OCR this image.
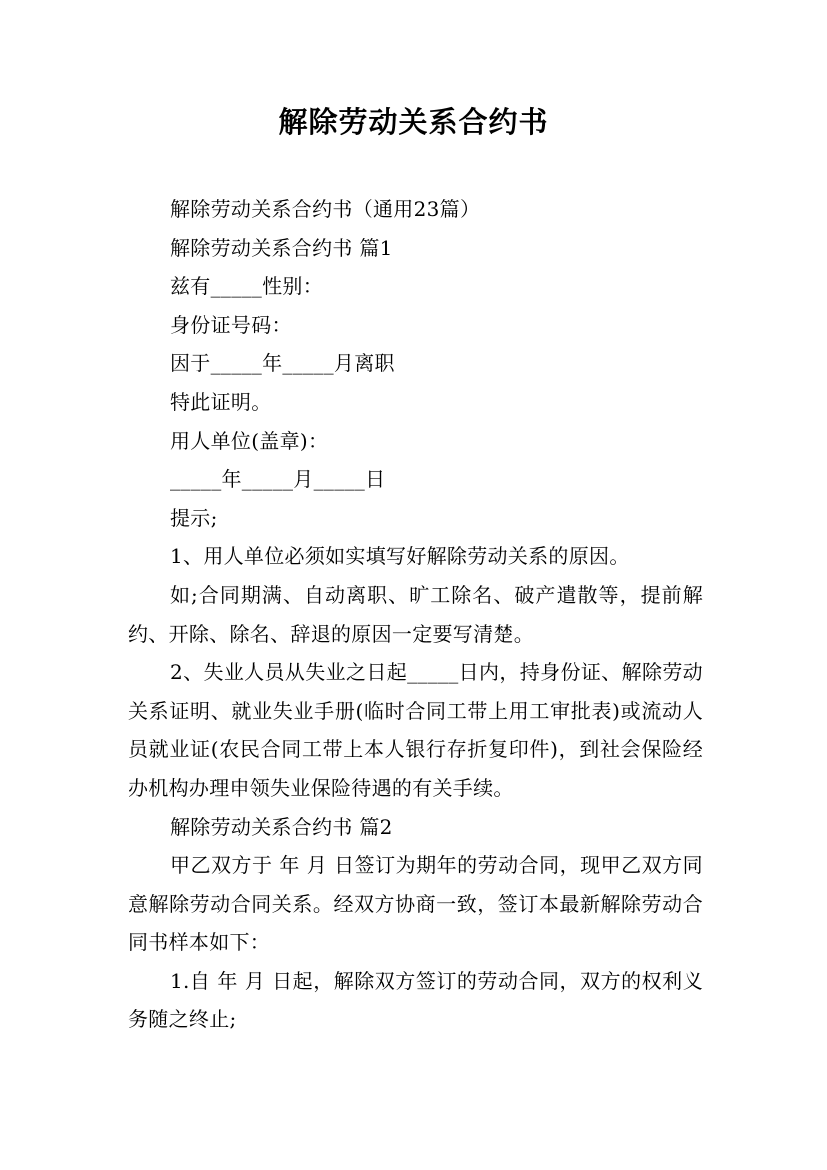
解除劳动关系合约书

解除劳动关系合约书（通用23篇）

解除劳动关系合约书 篇1

兹有_____性别：

身份证号码：

因于_____年_____月离职

特此证明。

用人单位(盖章)：

_____年_____月_____日

提示;

1、用人单位必须如实填写好解除劳动关系的原因。

如;合同期满、自动离职、旷工除名、破产遣散等，提前解约、开除、除名、辞退的原因一定要写清楚。

2、失业人员从失业之日起_____日内，持身份证、解除劳动关系证明、就业失业手册(临时合同工带上用工审批表)或流动人员就业证(农民合同工带上本人银行存折复印件)，到社会保险经办机构办理申领失业保险待遇的有关手续。

解除劳动关系合约书 篇2

甲乙双方于 年 月 日签订为期年的劳动合同，现甲乙双方同意解除劳动合同关系。经双方协商一致，签订本最新解除劳动合同书样本如下：

1.自 年 月 日起，解除双方签订的劳动合同，双方的权利义务随之终止;
